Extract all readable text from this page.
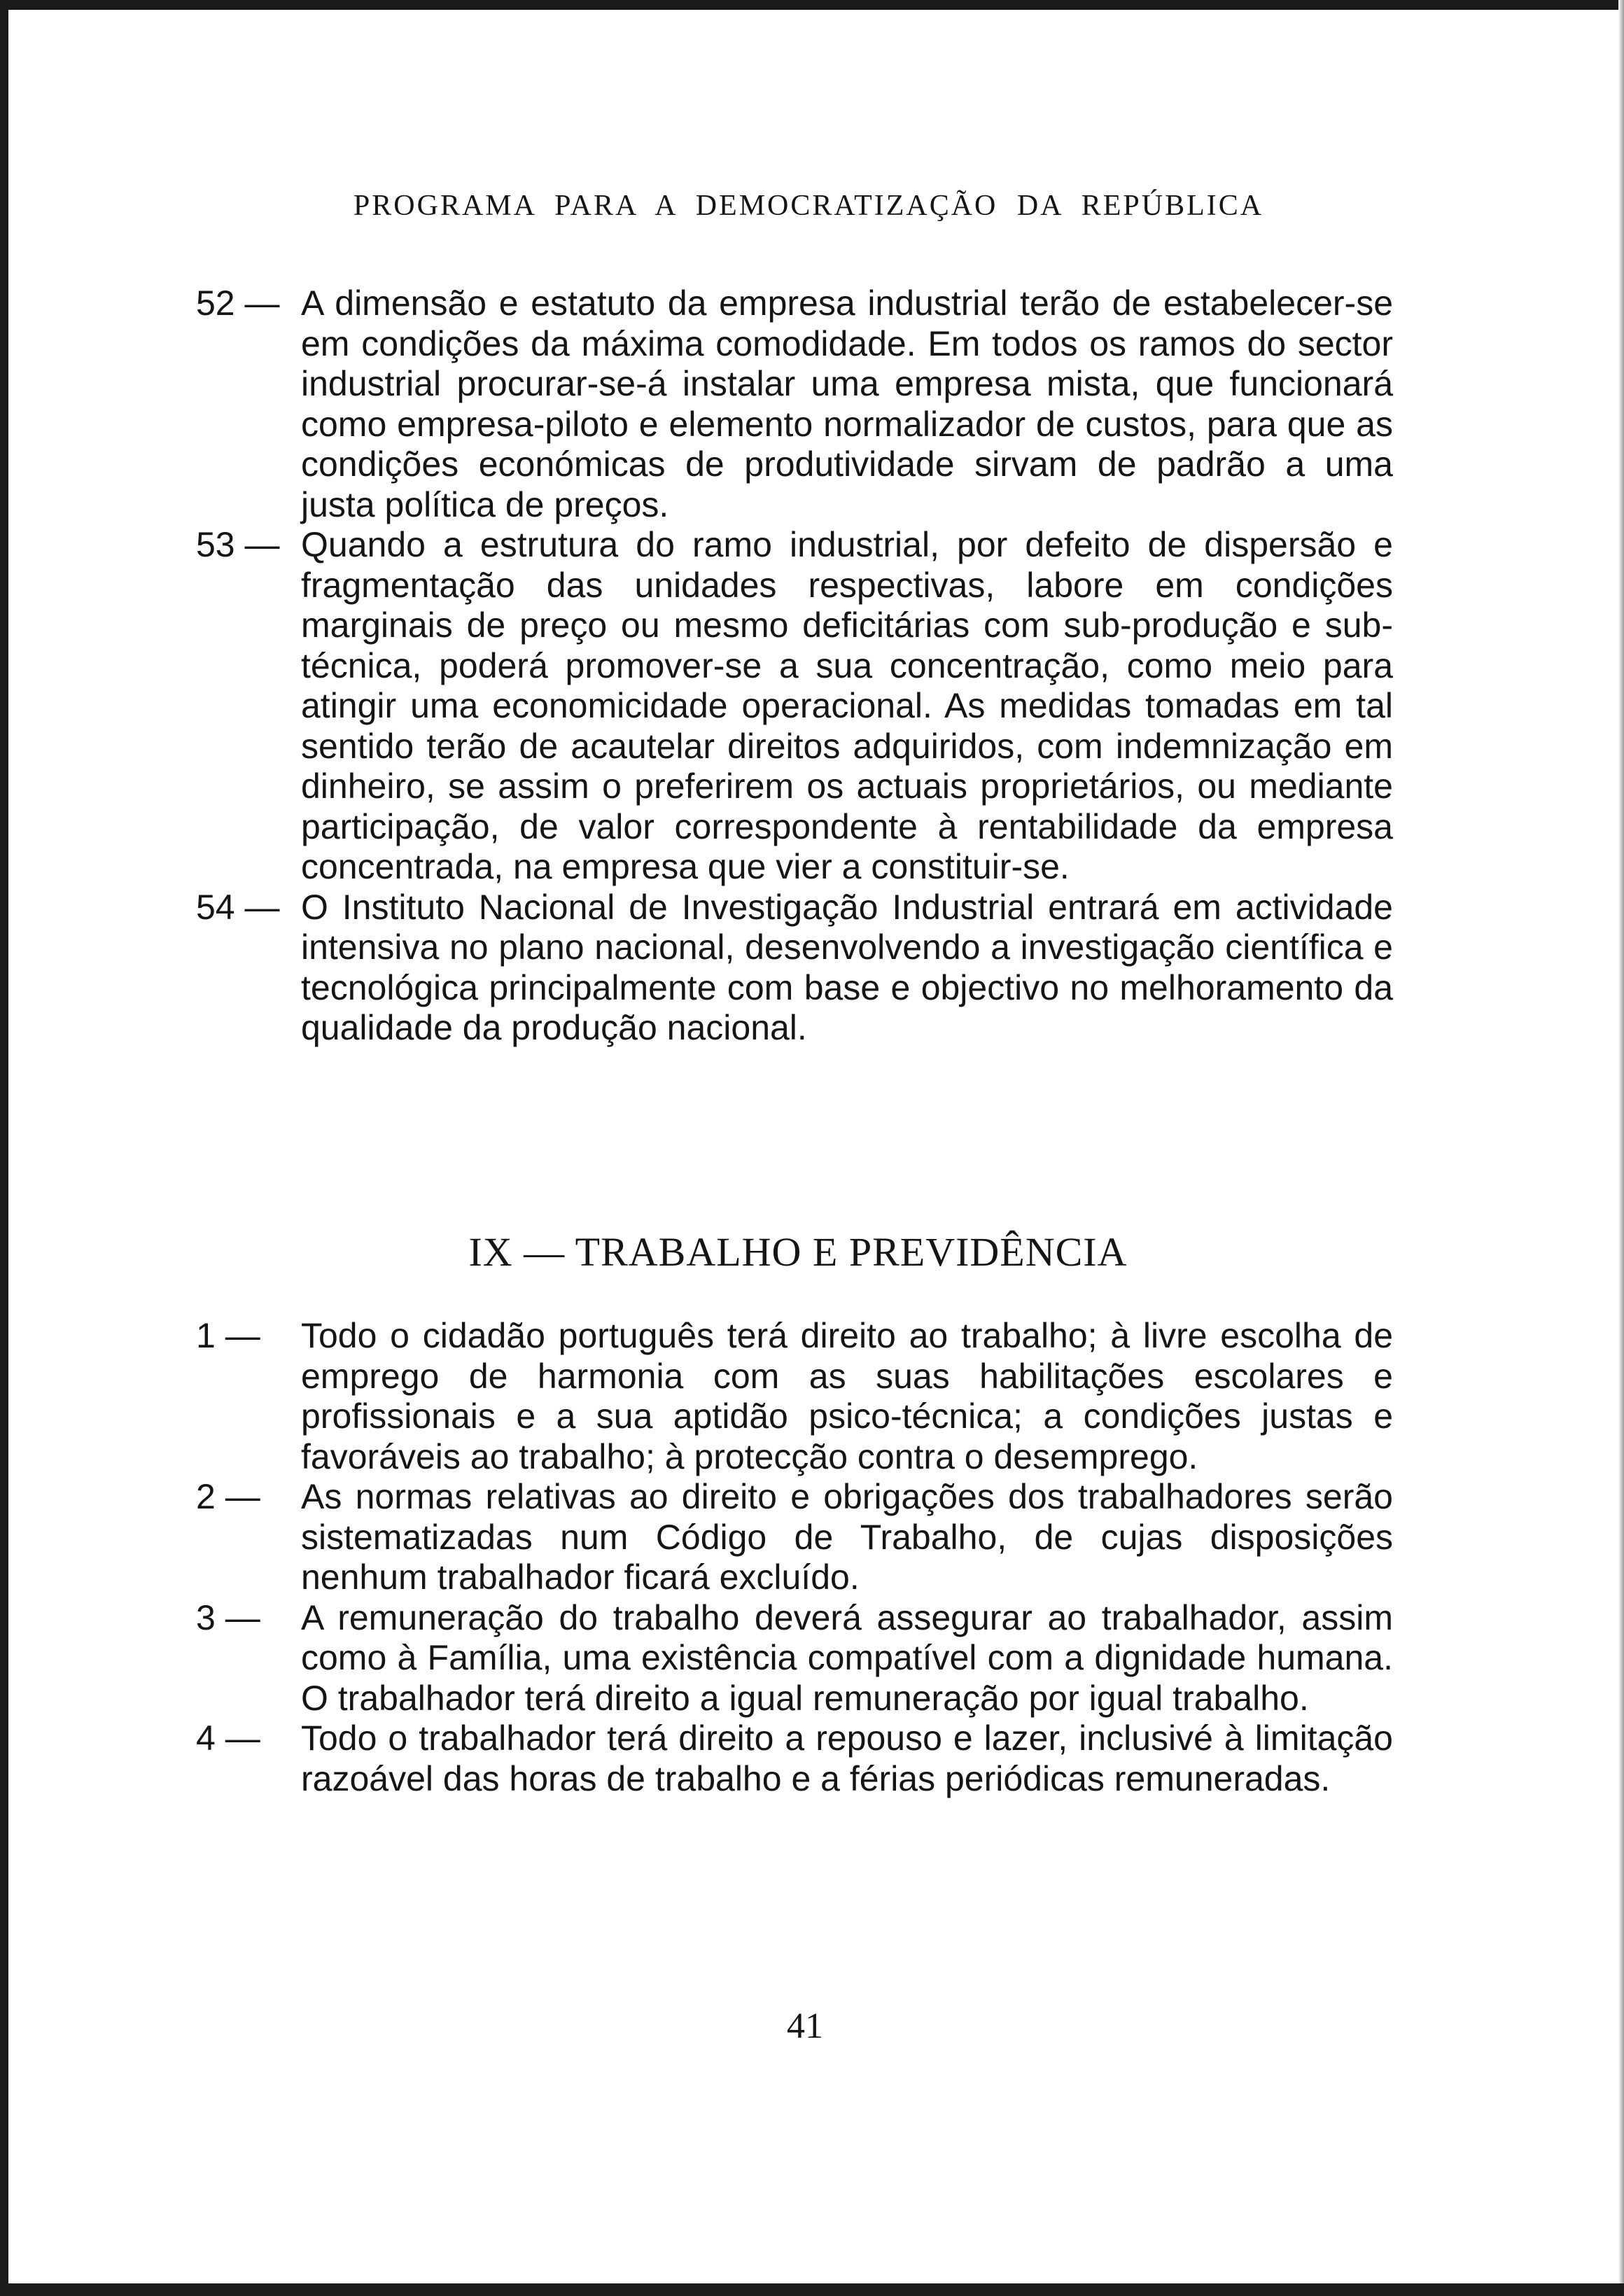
PROGRAMA PARA A DEMOCRATIZAÇÃO DA REPÚBLICA
52 — A dimensão e estatuto da empresa industrial terão de estabelecer-se em condições da máxima comodidade. Em todos os ramos do sector industrial procurar-se-á instalar uma empresa mista, que funcionará como empresa-piloto e elemento normalizador de custos, para que as condições económicas de produtividade sirvam de padrão a uma justa política de preços.
53 — Quando a estrutura do ramo industrial, por defeito de dispersão e fragmentação das unidades respectivas, labore em condições marginais de preço ou mesmo deficitárias com sub-produção e sub-técnica, poderá promover-se a sua concentração, como meio para atingir uma economicidade operacional. As medidas tomadas em tal sentido terão de acautelar direitos adquiridos, com indemnização em dinheiro, se assim o preferirem os actuais proprietários, ou mediante participação, de valor correspondente à rentabilidade da empresa concentrada, na empresa que vier a constituir-se.
54 — O Instituto Nacional de Investigação Industrial entrará em actividade intensiva no plano nacional, desenvolvendo a investigação científica e tecnológica principalmente com base e objectivo no melhoramento da qualidade da produção nacional.
IX — TRABALHO E PREVIDÊNCIA
1 —	Todo o cidadão português terá direito ao trabalho; à livre escolha de emprego de harmonia com as suas habilitações escolares e profissionais e a sua aptidão psico-técnica; a condições justas e favoráveis ao trabalho; à protecção contra o desemprego.
2 —	As normas relativas ao direito e obrigações dos trabalhadores serão sistematizadas num Código de Trabalho, de cujas disposições nenhum trabalhador ficará excluído.
3 —	A remuneração do trabalho deverá assegurar ao trabalhador, assim como à Família, uma existência compatível com a dignidade humana. O trabalhador terá direito a igual remuneração por igual trabalho.
4 —	Todo o trabalhador terá direito a repouso e lazer, inclusivé à limitação razoável das horas de trabalho e a férias periódicas remuneradas.
41
